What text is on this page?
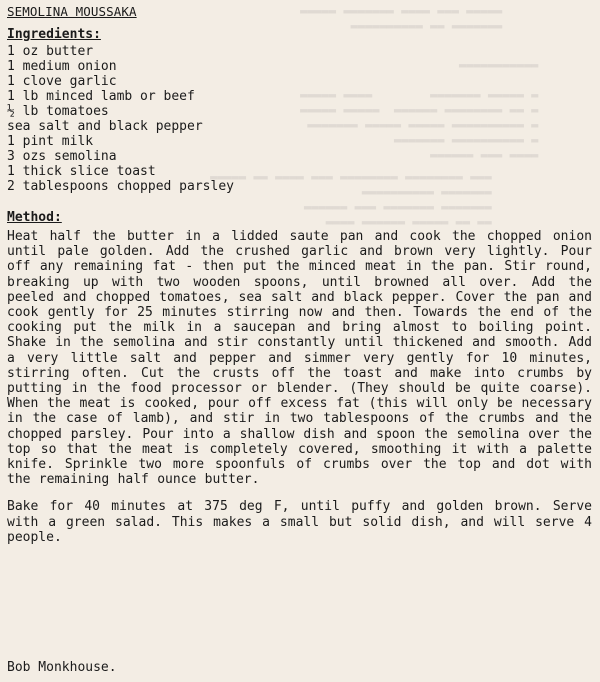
▬▬▬▬▬ ▬▬▬ ▬▬▬▬ ▬▬▬▬▬▬▬ ▬▬▬▬▬
▬▬▬▬▬▬▬ ▬▬ ▬▬▬▬▬▬▬▬▬▬
▬▬▬▬▬▬▬▬▬▬▬

▬ ▬▬▬▬▬ ▬▬▬▬▬▬▬        ▬▬▬▬ ▬▬▬▬▬
▬ ▬▬ ▬▬▬▬▬▬▬▬ ▬▬▬▬▬▬  ▬▬▬▬▬ ▬▬▬▬▬
▬ ▬▬▬▬▬▬▬▬▬▬ ▬▬▬▬▬ ▬▬▬▬▬ ▬▬▬▬▬▬▬
▬ ▬▬▬▬▬▬▬▬▬▬ ▬▬▬▬▬▬▬
▬▬▬▬ ▬▬▬ ▬▬▬▬▬▬
▬▬▬ ▬▬▬▬▬▬▬▬ ▬▬▬▬▬▬▬▬ ▬▬▬ ▬▬▬▬ ▬▬ ▬▬▬▬▬
▬▬▬▬▬▬▬ ▬▬▬▬▬▬▬▬▬▬
▬▬▬▬▬▬▬ ▬▬▬▬▬▬▬ ▬▬▬ ▬▬▬▬▬▬
▬▬ ▬▬ ▬▬▬▬▬ ▬▬▬▬▬▬ ▬▬▬▬
SEMOLINA MOUSSAKA
Ingredients:
1 oz butter
1 medium onion
1 clove garlic
1 lb minced lamb or beef
½ lb tomatoes
sea salt and black pepper
1 pint milk
3 ozs semolina
1 thick slice toast
2 tablespoons chopped parsley
Method:

Heat half the butter in a lidded saute pan and cook the chopped onion until pale golden. Add the crushed garlic and brown very lightly. Pour off any remaining fat - then put the minced meat in the pan. Stir round, breaking up with two wooden spoons, until browned all over. Add the peeled and chopped tomatoes, sea salt and black pepper. Cover the pan and cook gently for 25 minutes stirring now and then. Towards the end of the cooking put the milk in a saucepan and bring almost to boiling point. Shake in the semolina and stir constantly until thickened and smooth. Add a very little salt and pepper and simmer very gently for 10 minutes, stirring often. Cut the crusts off the toast and make into crumbs by putting in the food processor or blender. (They should be quite coarse). When the meat is cooked, pour off excess fat (this will only be necessary in the case of lamb), and stir in two tablespoons of the crumbs and the chopped parsley. Pour into a shallow dish and spoon the semolina over the top so that the meat is completely covered, smoothing it with a palette knife. Sprinkle two more spoonfuls of crumbs over the top and dot with the remaining half ounce butter.

Bake for 40 minutes at 375 deg F, until puffy and golden brown. Serve with a green salad. This makes a small but solid dish, and will serve 4 people.

Bob Monkhouse.
